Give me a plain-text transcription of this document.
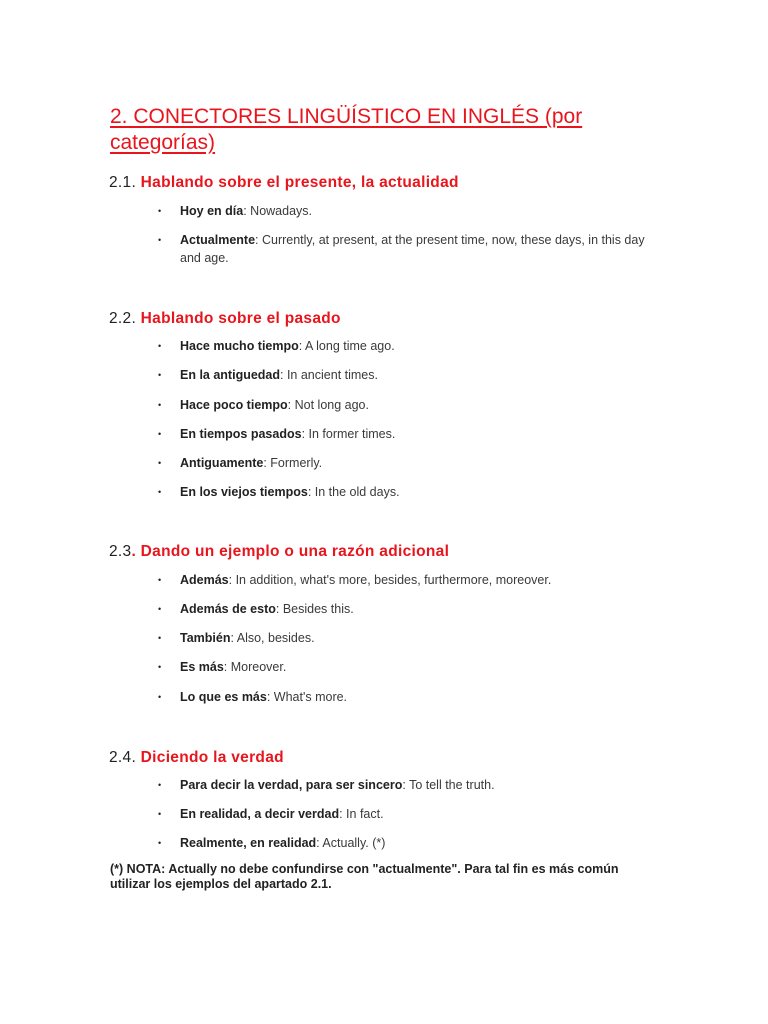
2. CONECTORES LINGÜÍSTICO EN INGLÉS (por categorías)
2.1. Hablando sobre el presente, la actualidad
•	Hoy en día: Nowadays.
•	Actualmente: Currently, at present, at the present time, now, these days, in this day and age.
2.2. Hablando sobre el pasado
•	Hace mucho tiempo: A long time ago.
•	En la antiguedad: In ancient times.
•	Hace poco tiempo: Not long ago.
•	En tiempos pasados: In former times.
•	Antiguamente: Formerly.
•	En los viejos tiempos: In the old days.
2.3. Dando un ejemplo o una razón adicional
•	Además: In addition, what's more, besides, furthermore, moreover.
•	Además de esto: Besides this.
•	También: Also, besides.
•	Es más: Moreover.
•	Lo que es más: What's more.
2.4. Diciendo la verdad
•	Para decir la verdad, para ser sincero: To tell the truth.
•	En realidad, a decir verdad: In fact.
•	Realmente, en realidad: Actually. (*)

(*) NOTA: Actually no debe confundirse con "actualmente". Para tal fin es más común utilizar los ejemplos del apartado 2.1.
